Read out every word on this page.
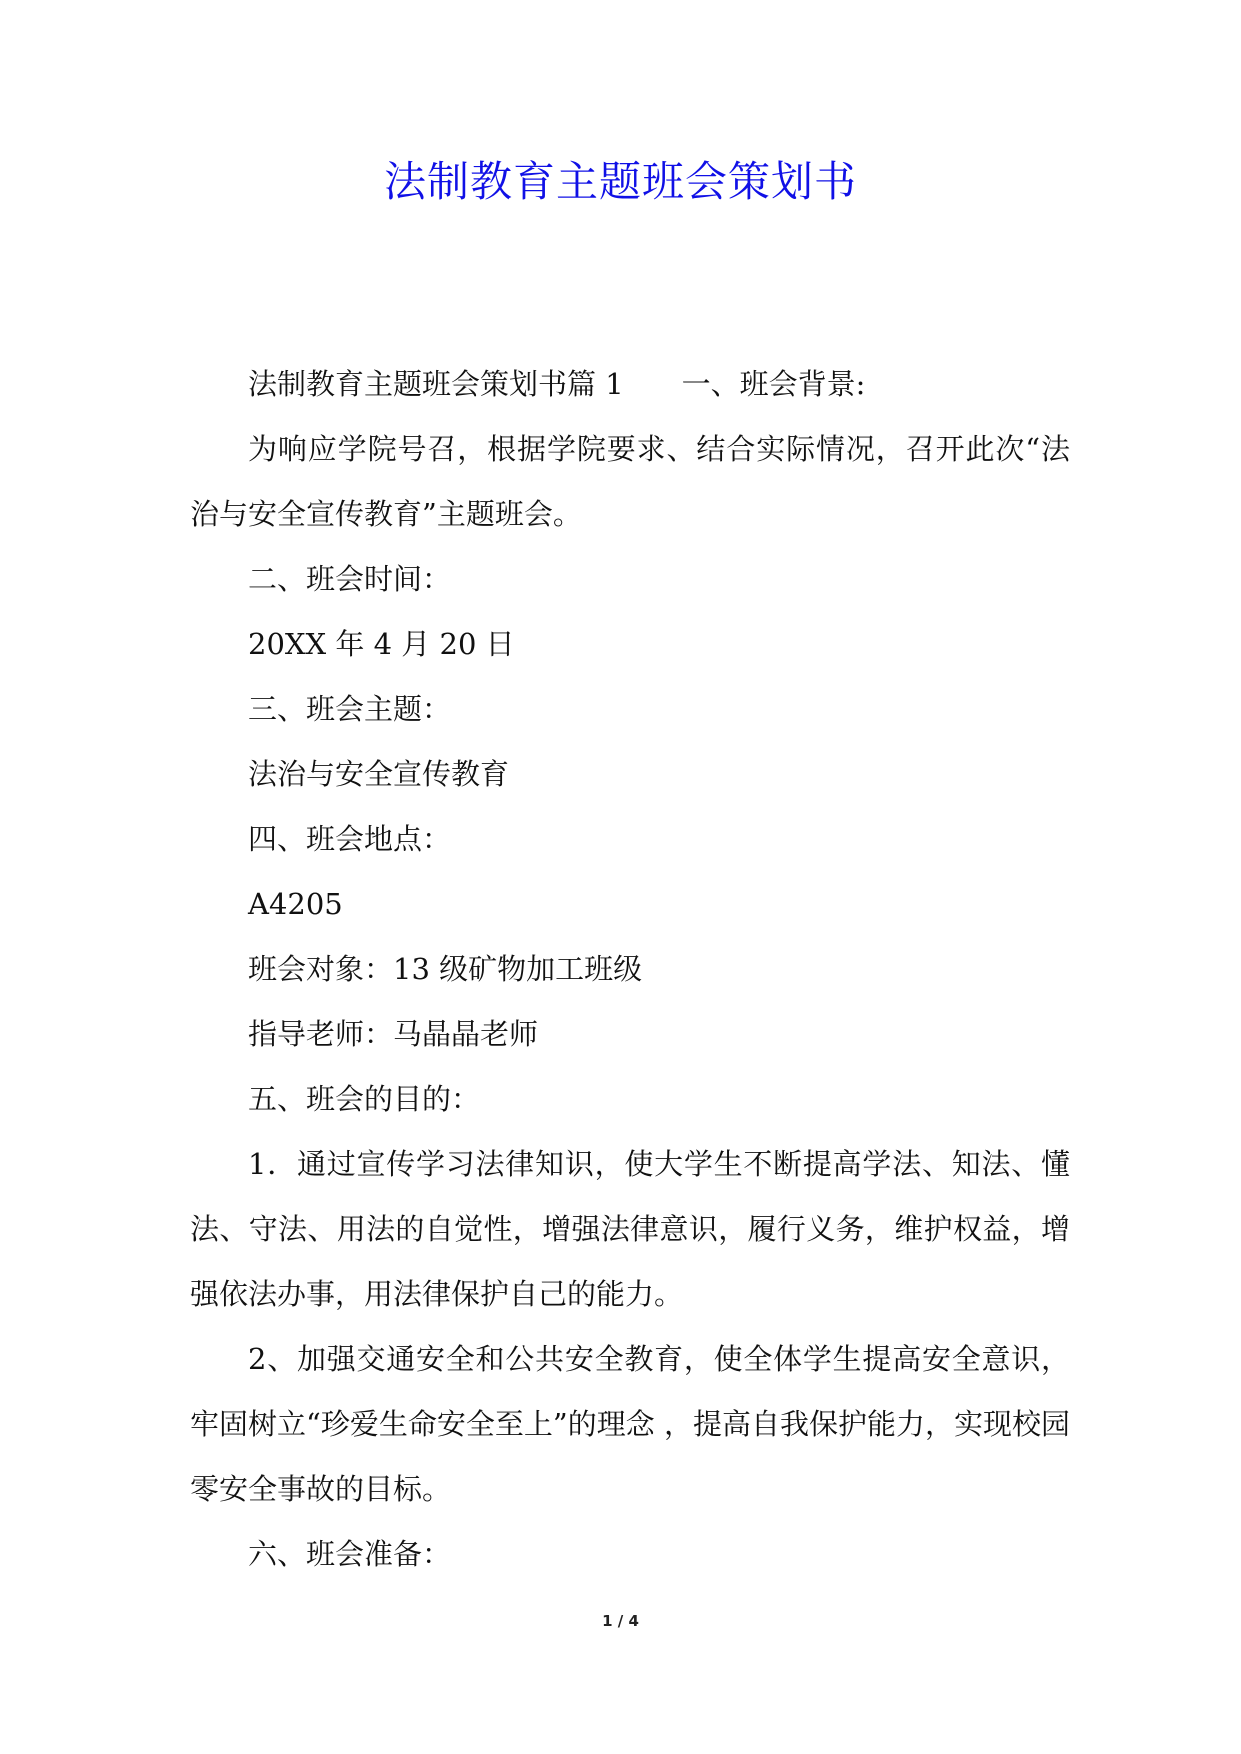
法制教育主题班会策划书

法制教育主题班会策划书篇 1　　一、班会背景:

为响应学院号召，根据学院要求、结合实际情况，召开此次“法治与安全宣传教育”主题班会。

二、班会时间：

20XX 年 4 月 20 日

三、班会主题：

法治与安全宣传教育

四、班会地点：

A4205

班会对象：13 级矿物加工班级

指导老师：马晶晶老师

五、班会的目的：

1．通过宣传学习法律知识，使大学生不断提高学法、知法、懂法、守法、用法的自觉性，增强法律意识，履行义务，维护权益，增强依法办事，用法律保护自己的能力。

2、加强交通安全和公共安全教育，使全体学生提高安全意识，牢固树立“珍爱生命安全至上”的理念 ，提高自我保护能力，实现校园零安全事故的目标。

六、班会准备：

1 / 4
